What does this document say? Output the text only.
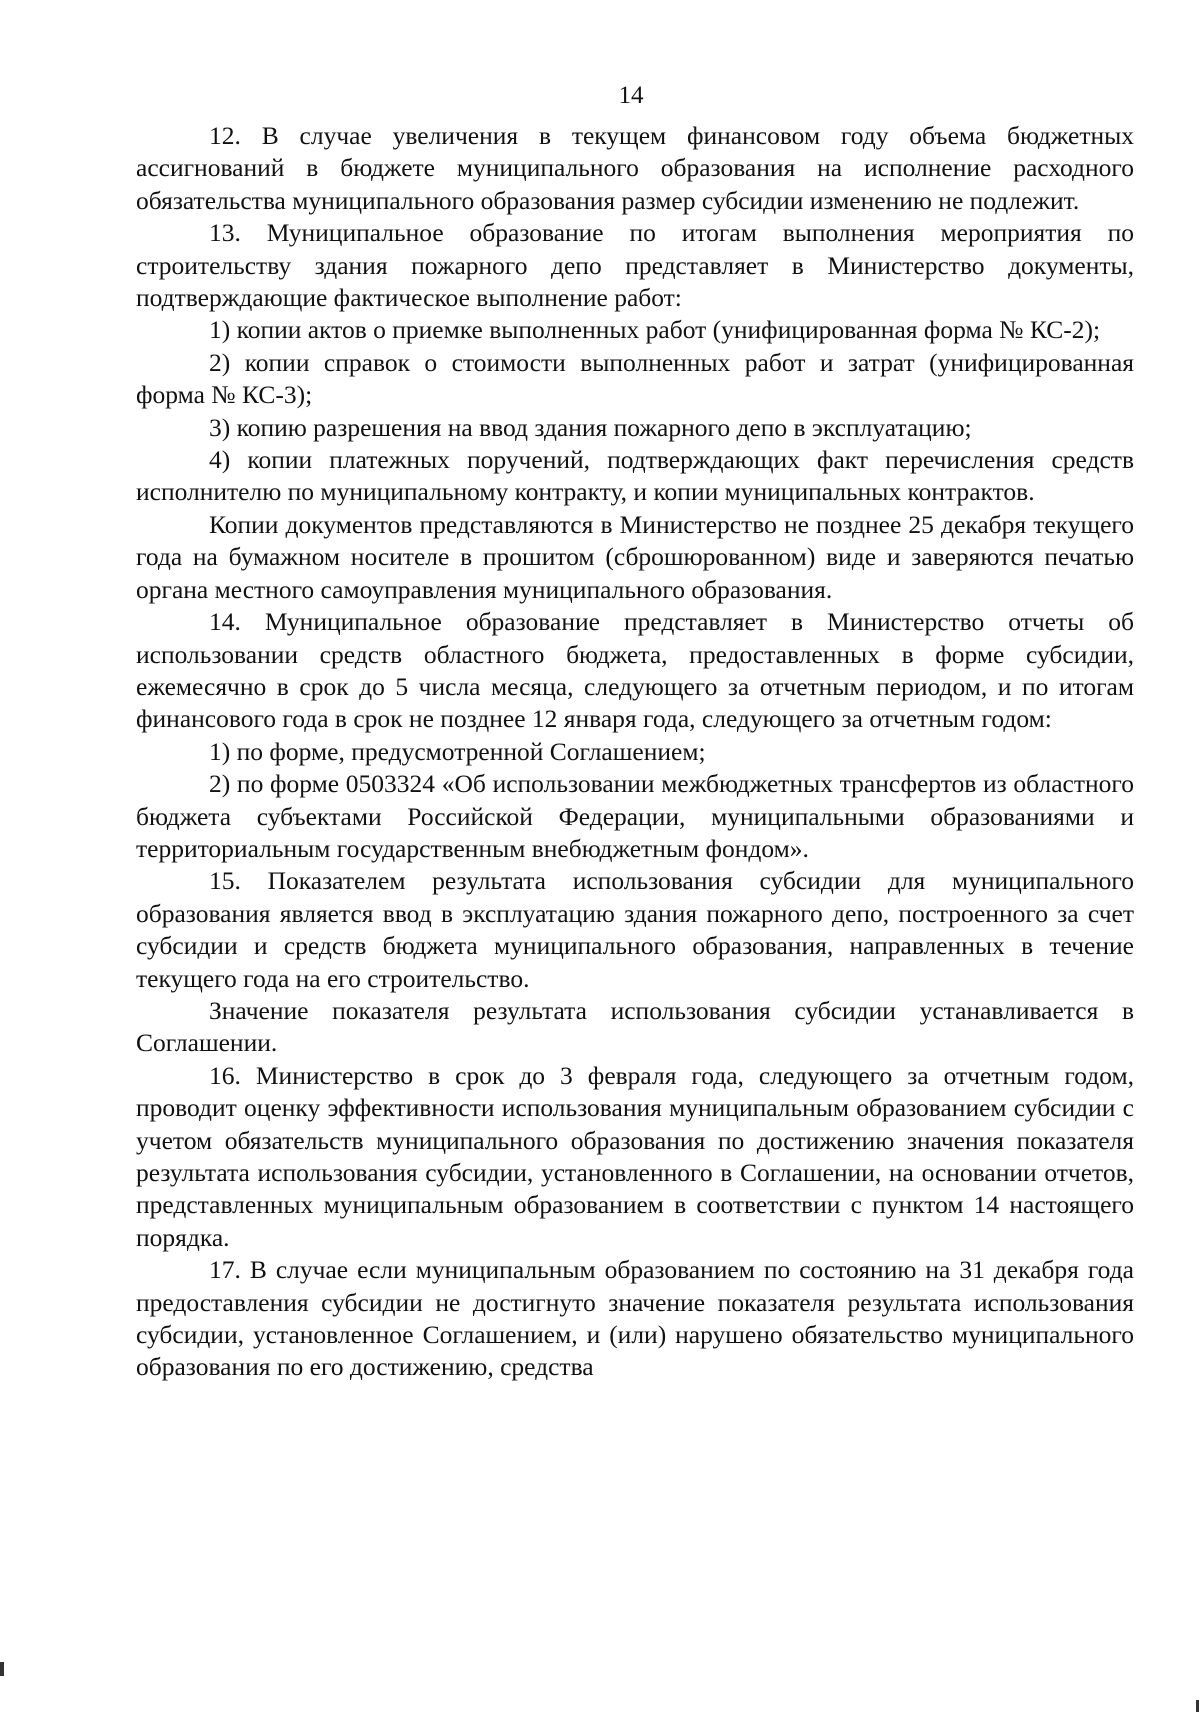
14

12. В случае увеличения в текущем финансовом году объема бюджетных ассигнований в бюджете муниципального образования на исполнение расходного обязательства муниципального образования размер субсидии изменению не подлежит.

13. Муниципальное образование по итогам выполнения мероприятия по строительству здания пожарного депо представляет в Министерство документы, подтверждающие фактическое выполнение работ:

1) копии актов о приемке выполненных работ (унифицированная форма № КС-2);

2) копии справок о стоимости выполненных работ и затрат (унифицированная форма № КС-3);

3) копию разрешения на ввод здания пожарного депо в эксплуатацию;

4) копии платежных поручений, подтверждающих факт перечисления средств исполнителю по муниципальному контракту, и копии муниципальных контрактов.

Копии документов представляются в Министерство не позднее 25 декабря текущего года на бумажном носителе в прошитом (сброшюрованном) виде и заверяются печатью органа местного самоуправления муниципального образования.

14. Муниципальное образование представляет в Министерство отчеты об использовании средств областного бюджета, предоставленных в форме субсидии, ежемесячно в срок до 5 числа месяца, следующего за отчетным периодом, и по итогам финансового года в срок не позднее 12 января года, следующего за отчетным годом:

1) по форме, предусмотренной Соглашением;

2) по форме 0503324 «Об использовании межбюджетных трансфертов из областного бюджета субъектами Российской Федерации, муниципальными образованиями и территориальным государственным внебюджетным фондом».

15. Показателем результата использования субсидии для муниципального образования является ввод в эксплуатацию здания пожарного депо, построенного за счет субсидии и средств бюджета муниципального образования, направленных в течение текущего года на его строительство.

Значение показателя результата использования субсидии устанавливается в Соглашении.

16. Министерство в срок до 3 февраля года, следующего за отчетным годом, проводит оценку эффективности использования муниципальным образованием субсидии с учетом обязательств муниципального образования по достижению значения показателя результата использования субсидии, установленного в Соглашении, на основании отчетов, представленных муниципальным образованием в соответствии с пунктом 14 настоящего порядка.

17. В случае если муниципальным образованием по состоянию на 31 декабря года предоставления субсидии не достигнуто значение показателя результата использования субсидии, установленное Соглашением, и (или) нарушено обязательство муниципального образования по его достижению, средства
